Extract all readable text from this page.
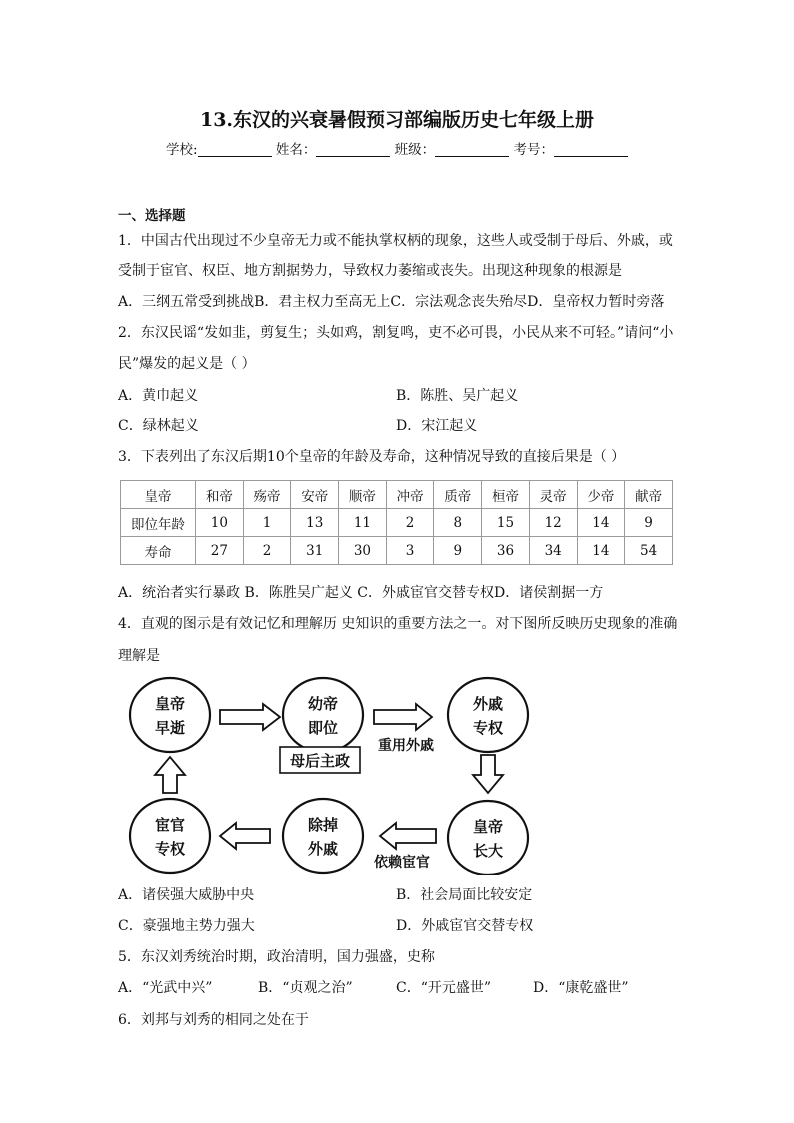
13.东汉的兴衰暑假预习部编版历史七年级上册
学校:	姓名：	班级：	考号：
一、选择题
1．中国古代出现过不少皇帝无力或不能执掌权柄的现象，这些人或受制于母后、外戚，或
受制于宦官、权臣、地方割据势力，导致权力萎缩或丧失。出现这种现象的根源是
A．三纲五常受到挑战B．君主权力至高无上C．宗法观念丧失殆尽D．皇帝权力暂时旁落
2．东汉民谣“发如韭，剪复生；头如鸡，割复鸣，吏不必可畏，小民从来不可轻。”请问“小
民”爆发的起义是（ ）
A．黄巾起义	B．陈胜、吴广起义
C．绿林起义	D．宋江起义
3．下表列出了东汉后期10个皇帝的年龄及寿命，这种情况导致的直接后果是（ ）
皇帝	和帝	殇帝	安帝	顺帝	冲帝	质帝	桓帝	灵帝	少帝	献帝
即位年龄	10	1	13	11	2	8	15	12	14	9
寿命	27	2	31	30	3	9	36	34	14	54
A．统治者实行暴政 B．陈胜吴广起义 C．外戚宦官交替专权D．诸侯割据一方
4．直观的图示是有效记忆和理解历 史知识的重要方法之一。对下图所反映历史现象的准确
理解是
皇帝
早逝
幼帝
即位
母后主政
外戚
专权
重用外戚
皇帝
长大
除掉
外戚
依赖宦官
宦官
专权
A．诸侯强大威胁中央	B．社会局面比较安定
C．豪强地主势力强大	D．外戚宦官交替专权
5．东汉刘秀统治时期，政治清明，国力强盛，史称
A．“光武中兴”	B．“贞观之治”	C．“开元盛世”	D．“康乾盛世”
6．刘邦与刘秀的相同之处在于
